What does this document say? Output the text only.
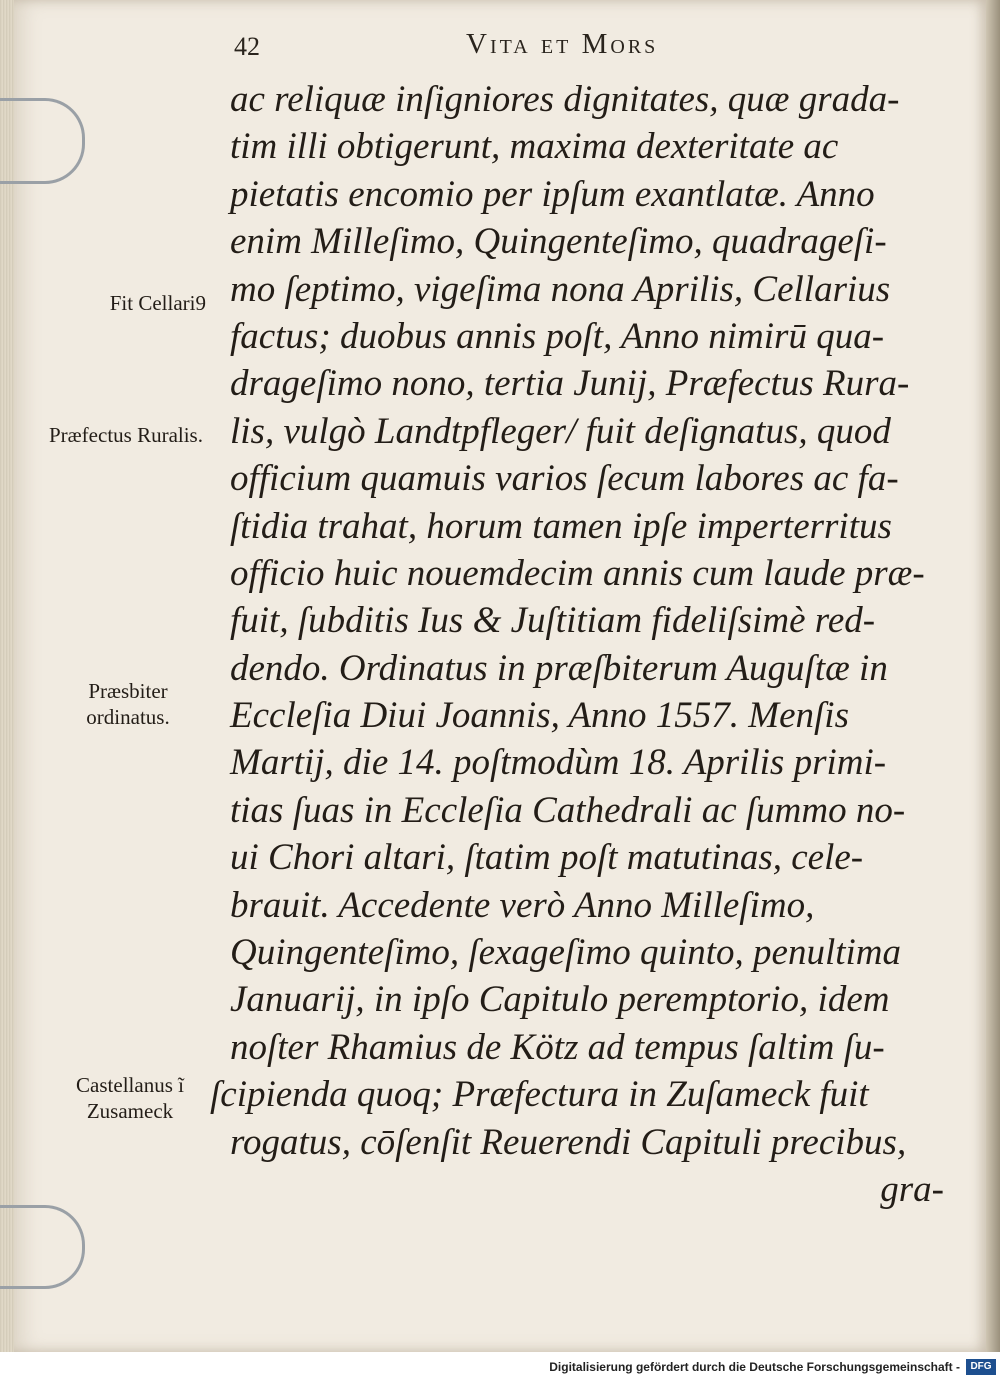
42	Vita et Mors
Fit Cellari9
Præfectus Ruralis.
Præsbiter ordinatus.
Castellanus ĩ Zusameck
ac reliquæ inſigniores dignitates, quæ grada-
tim illi obtigerunt, maxima dexteritate ac
pietatis encomio per ipſum exantlatæ. Anno
enim Milleſimo, Quingenteſimo, quadrageſi-
mo ſeptimo, vigeſima nona Aprilis, Cellarius
factus; duobus annis poſt, Anno nimirū qua-
drageſimo nono, tertia Junij, Præfectus Rura-
lis, vulgò Landtpfleger/ fuit deſignatus, quod
officium quamuis varios ſecum labores ac fa-
ſtidia trahat, horum tamen ipſe imperterritus
officio huic nouemdecim annis cum laude præ-
fuit, ſubditis Ius & Juſtitiam fideliſsimè red-
dendo. Ordinatus in præſbiterum Auguſtæ in
Eccleſia Diui Joannis, Anno 1557. Menſis
Martij, die 14. poſtmodùm 18. Aprilis primi-
tias ſuas in Eccleſia Cathedrali ac ſummo no-
ui Chori altari, ſtatim poſt matutinas, cele-
brauit. Accedente verò Anno Milleſimo,
Quingenteſimo, ſexageſimo quinto, penultima
Januarij, in ipſo Capitulo peremptorio, idem
noſter Rhamius de Kötz ad tempus ſaltim ſu-
ſcipienda quoq; Præfectura in Zuſameck fuit
rogatus, cōſenſit Reuerendi Capituli precibus,
gra-
Digitalisierung gefördert durch die Deutsche Forschungsgemeinschaft -	DFG
